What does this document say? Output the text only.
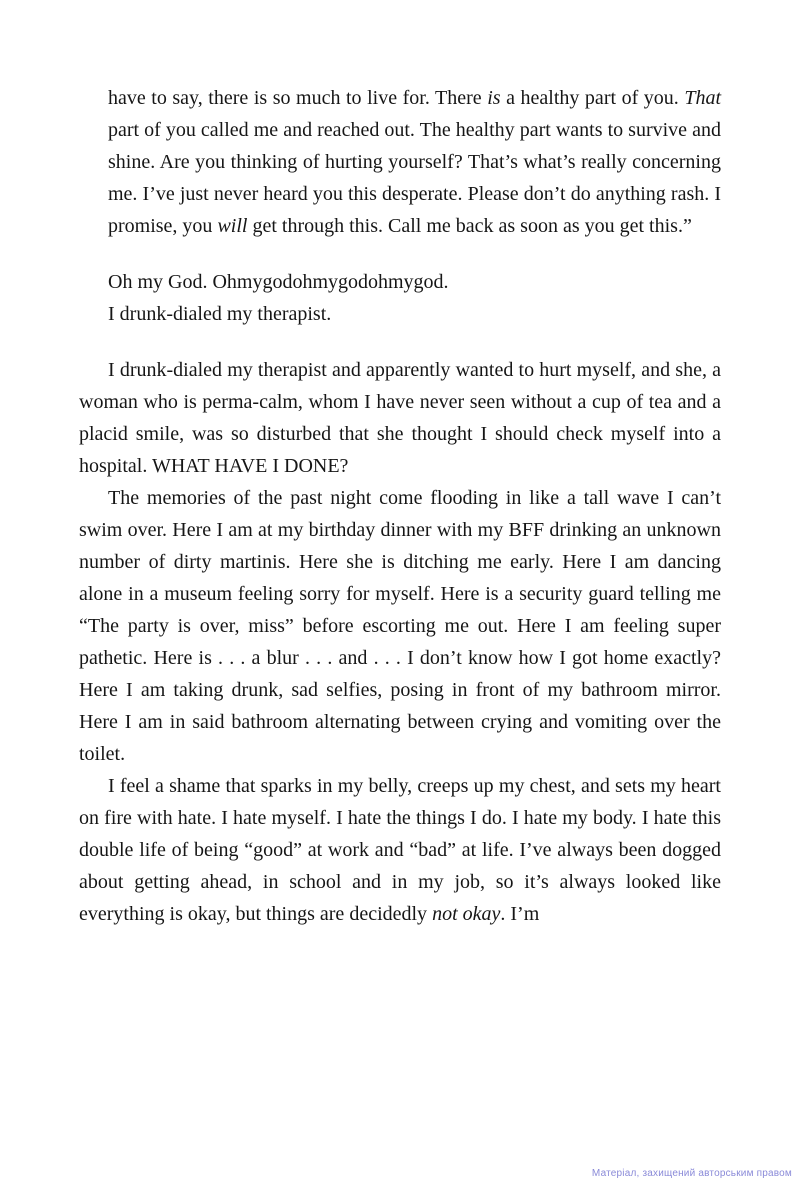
have to say, there is so much to live for. There is a healthy part of you. That part of you called me and reached out. The healthy part wants to survive and shine. Are you thinking of hurting yourself? That’s what’s really concerning me. I’ve just never heard you this desperate. Please don’t do anything rash. I promise, you will get through this. Call me back as soon as you get this.”

Oh my God. Ohmygodohmygodohmygod.

I drunk-dialed my therapist.

I drunk-dialed my therapist and apparently wanted to hurt myself, and she, a woman who is perma-calm, whom I have never seen without a cup of tea and a placid smile, was so disturbed that she thought I should check myself into a hospital. WHAT HAVE I DONE?

The memories of the past night come flooding in like a tall wave I can’t swim over. Here I am at my birthday dinner with my BFF drinking an unknown number of dirty martinis. Here she is ditching me early. Here I am dancing alone in a museum feeling sorry for myself. Here is a security guard telling me “The party is over, miss” before escorting me out. Here I am feeling super pathetic. Here is . . . a blur . . . and . . . I don’t know how I got home exactly? Here I am taking drunk, sad selfies, posing in front of my bathroom mirror. Here I am in said bathroom alternating between crying and vomiting over the toilet.

I feel a shame that sparks in my belly, creeps up my chest, and sets my heart on fire with hate. I hate myself. I hate the things I do. I hate my body. I hate this double life of being “good” at work and “bad” at life. I’ve always been dogged about getting ahead, in school and in my job, so it’s always looked like everything is okay, but things are decidedly not okay. I’m

Матеріал, захищений авторським правом
